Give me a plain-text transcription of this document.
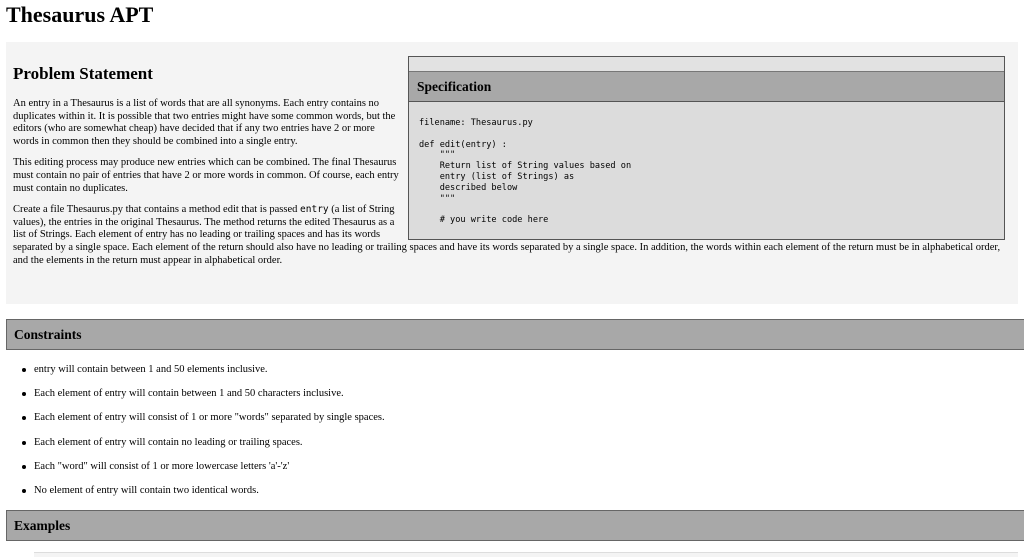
Thesaurus APT
Problem Statement
Specification
filename: Thesaurus.py

def edit(entry) :
"""
Return list of String values based on
entry (list of Strings) as
described below
"""

# you write code here

An entry in a Thesaurus is a list of words that are all synonyms. Each entry contains no duplicates within it. It is possible that two entries might have some common words, but the editors (who are somewhat cheap) have decided that if any two entries have 2 or more words in common then they should be combined into a single entry.

This editing process may produce new entries which can be combined. The final Thesaurus must contain no pair of entries that have 2 or more words in common. Of course, each entry must contain no duplicates.

Create a file Thesaurus.py that contains a method edit that is passed entry (a list of String values), the entries in the original Thesaurus. The method returns the edited Thesaurus as a list of Strings. Each element of entry has no leading or trailing spaces and has its words separated by a single space. Each element of the return should also have no leading or trailing spaces and have its words separated by a single space. In addition, the words within each element of the return must be in alphabetical order, and the elements in the return must appear in alphabetical order.

Constraints
entry will contain between 1 and 50 elements inclusive.
Each element of entry will contain between 1 and 50 characters inclusive.
Each element of entry will consist of 1 or more "words" separated by single spaces.
Each element of entry will contain no leading or trailing spaces.
Each "word" will consist of 1 or more lowercase letters 'a'-'z'
No element of entry will contain two identical words.
Examples
